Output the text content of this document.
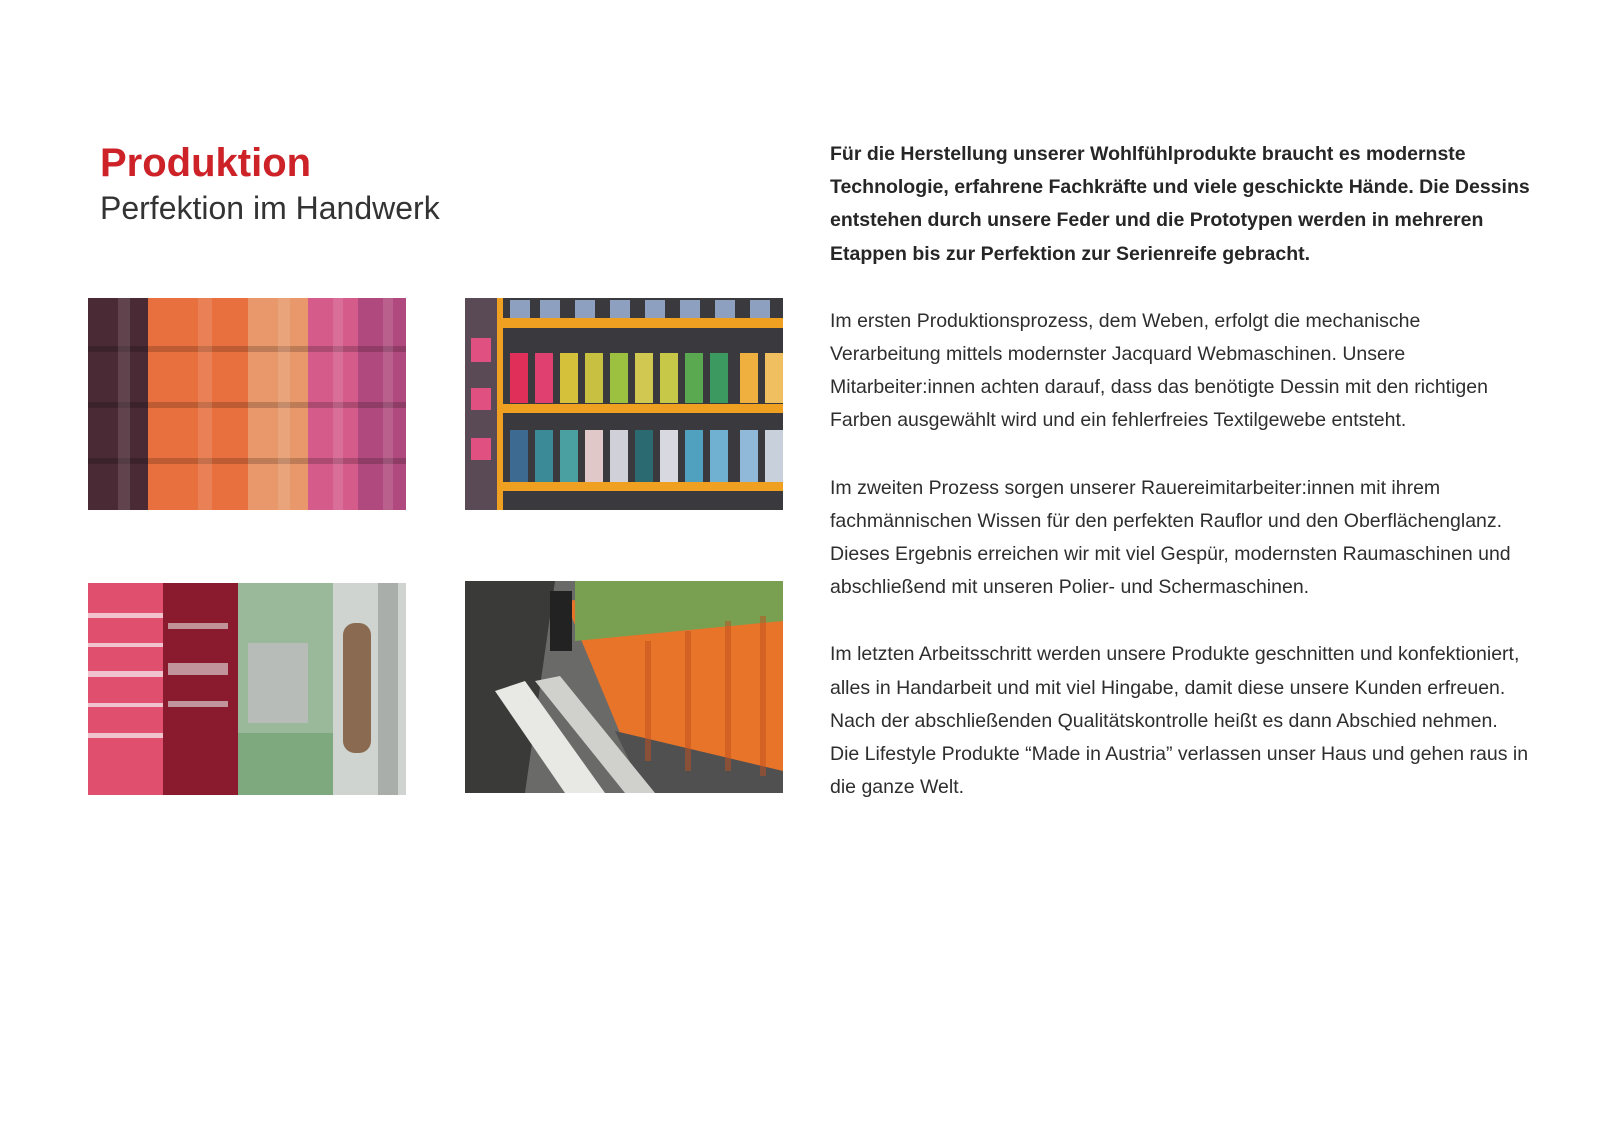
Produktion
Perfektion im Handwerk

Für die Herstellung unserer Wohlfühlprodukte braucht es modernste Technologie, erfahrene Fachkräfte und viele geschickte Hände. Die Dessins entstehen durch unsere Feder und die Prototypen werden in mehreren Etappen bis zur Perfektion zur Serienreife gebracht.

Im ersten Produktionsprozess, dem Weben, erfolgt die mechanische Verarbeitung mittels modernster Jacquard Webmaschinen. Unsere Mitarbeiter:innen achten darauf, dass das benötigte Dessin mit den richtigen Farben ausgewählt wird und ein fehlerfreies Textilgewebe entsteht.

Im zweiten Prozess sorgen unserer Rauereimitarbeiter:innen mit ihrem fachmännischen Wissen für den perfekten Rauflor und den Oberflächenglanz. Dieses Ergebnis erreichen wir mit viel Gespür, modernsten Raumaschinen und abschließend mit unseren Polier- und Schermaschinen.

Im letzten Arbeitsschritt werden unsere Produkte geschnitten und konfektioniert, alles in Handarbeit und mit viel Hingabe, damit diese unsere Kunden erfreuen. Nach der abschließenden Qualitätskontrolle heißt es dann Abschied nehmen. Die Lifestyle Produkte “Made in Austria” verlassen unser Haus und gehen raus in die ganze Welt.
